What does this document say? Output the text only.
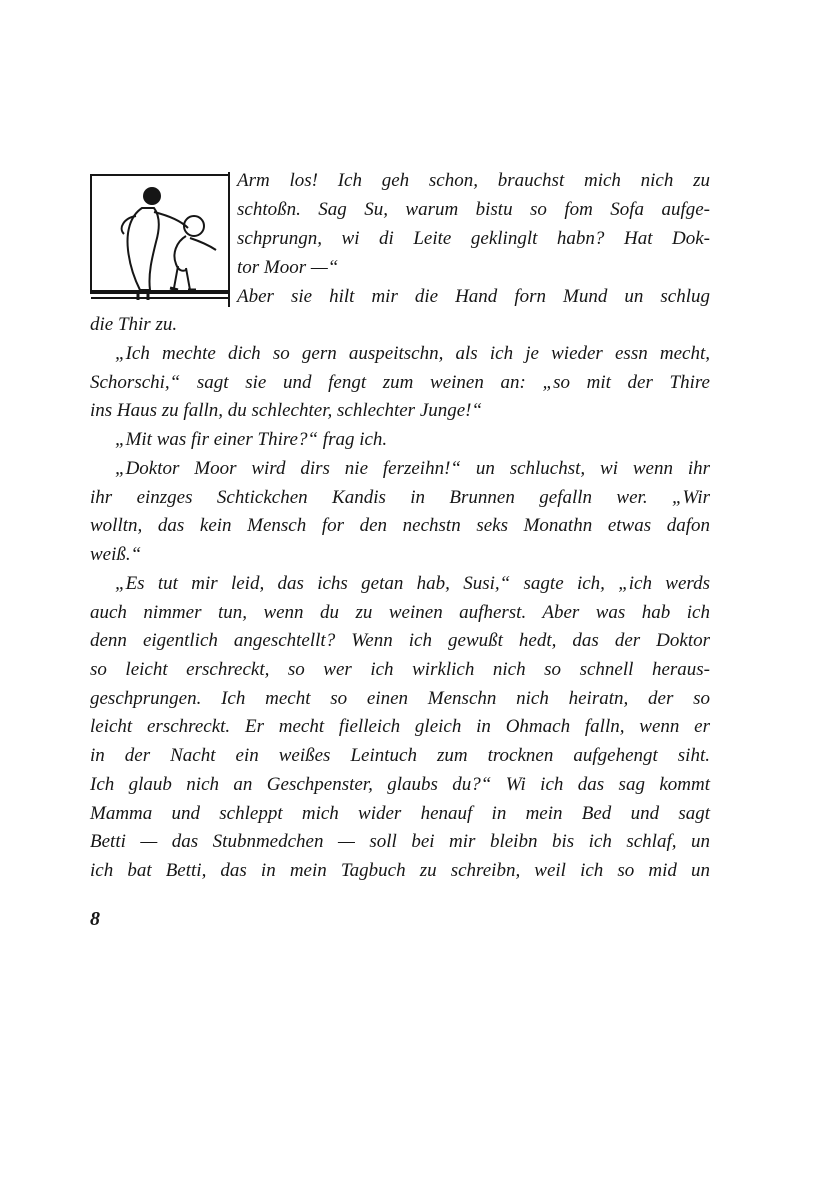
Arm los! Ich geh schon, brauchst mich nich zu
schtoßn. Sag Su, warum bistu so fom Sofa aufge-
schprungn, wi di Leite geklinglt habn? Hat Dok-
tor Moor —“
Aber sie hilt mir die Hand forn Mund un schlug
die Thir zu.
„Ich mechte dich so gern auspeitschn, als ich je wieder essn mecht,
Schorschi,“ sagt sie und fengt zum weinen an: „so mit der Thire
ins Haus zu falln, du schlechter, schlechter Junge!“
„Mit was fir einer Thire?“ frag ich.
„Doktor Moor wird dirs nie ferzeihn!“ un schluchst, wi wenn ihr
ihr einzges Schtickchen Kandis in Brunnen gefalln wer. „Wir
wolltn, das kein Mensch for den nechstn seks Monathn etwas dafon
weiß.“
„Es tut mir leid, das ichs getan hab, Susi,“ sagte ich, „ich werds
auch nimmer tun, wenn du zu weinen aufherst. Aber was hab ich
denn eigentlich angeschtellt? Wenn ich gewußt hedt, das der Doktor
so leicht erschreckt, so wer ich wirklich nich so schnell heraus-
geschprungen. Ich mecht so einen Menschn nich heiratn, der so
leicht erschreckt. Er mecht fielleich gleich in Ohmach falln, wenn er
in der Nacht ein weißes Leintuch zum trocknen aufgehengt siht.
Ich glaub nich an Geschpenster, glaubs du?“ Wi ich das sag kommt
Mamma und schleppt mich wider henauf in mein Bed und sagt
Betti — das Stubnmedchen — soll bei mir bleibn bis ich schlaf, un
ich bat Betti, das in mein Tagbuch zu schreibn, weil ich so mid un
8
